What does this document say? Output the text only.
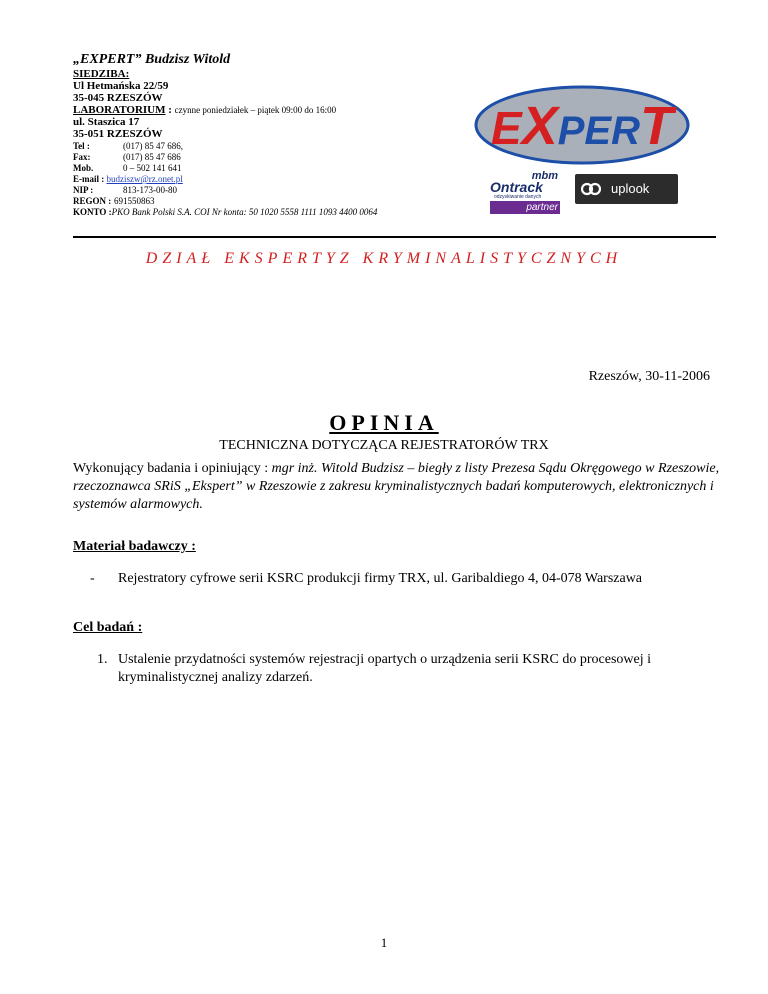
„EXPERT” Budzisz Witold
SIEDZIBA:
Ul Hetmańska 22/59
35-045 RZESZÓW
LABORATORIUM : czynne poniedziałek – piątek 09:00 do 16:00
ul. Staszica 17
35-051 RZESZÓW
Tel :	(017) 85 47 686,
Fax:	(017) 85 47 686
Mob.	0 – 502 141 641
E-mail : budziszw@rz.onet.pl
NIP :	813-173-00-80
REGON : 691550863
KONTO :PKO Bank Polski S.A. COI Nr konta: 50 1020 5558 1111 1093 4400 0064
EXPERT
mbm
Ontrack
odzyskiwanie danych
partner
uplook
DZIAŁ EKSPERTYZ KRYMINALISTYCZNYCH
Rzeszów, 30-11-2006
OPINIA
TECHNICZNA DOTYCZĄCA REJESTRATORÓW TRX
Wykonujący badania i opiniujący : mgr inż. Witold Budzisz – biegły z listy Prezesa Sądu Okręgowego w Rzeszowie, rzeczoznawca SRiS „Ekspert” w Rzeszowie z zakresu kryminalistycznych badań komputerowych, elektronicznych i systemów alarmowych.
Materiał badawczy :
- Rejestratory cyfrowe serii KSRC produkcji firmy TRX, ul. Garibaldiego 4, 04-078 Warszawa
Cel badań :
1. Ustalenie przydatności systemów rejestracji opartych o urządzenia serii KSRC do procesowej i kryminalistycznej analizy zdarzeń.
1
